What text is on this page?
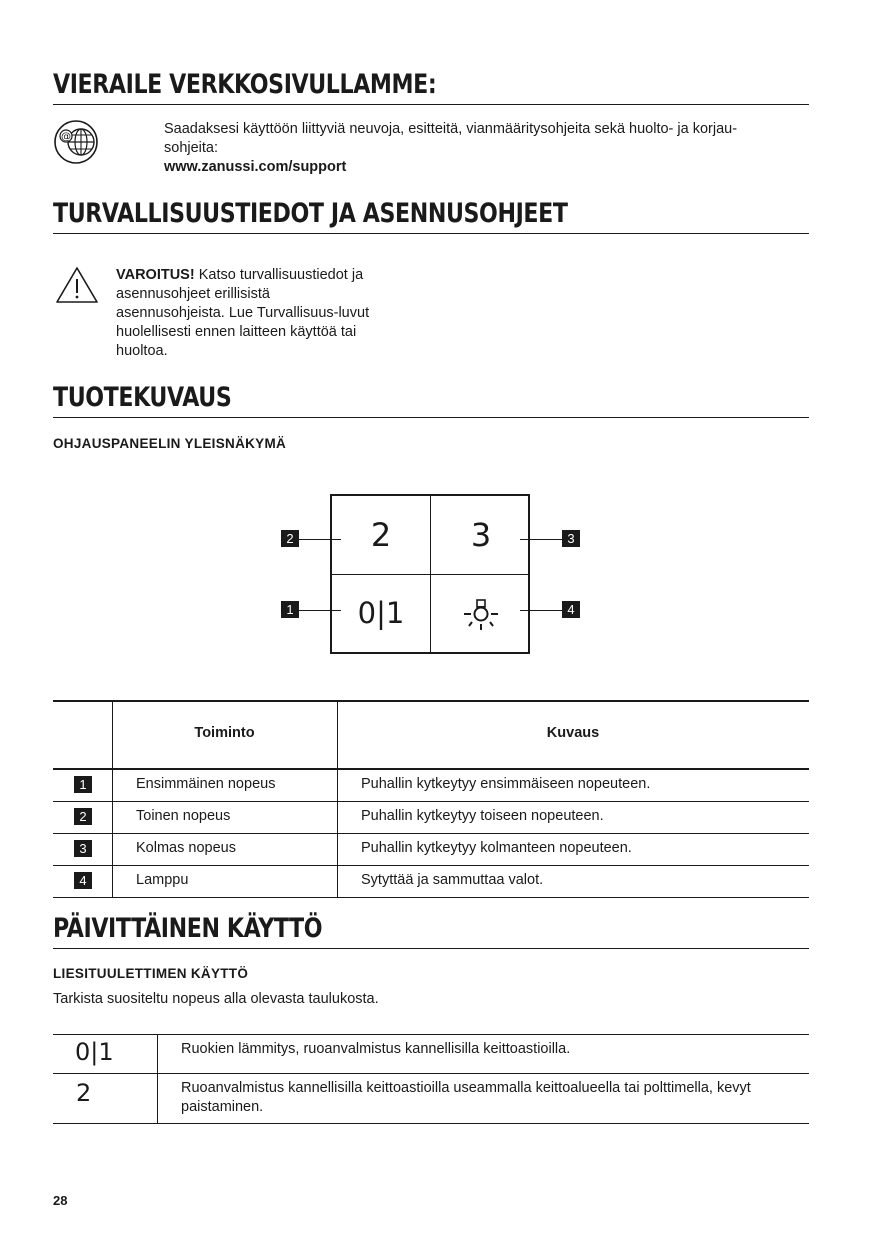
VIERAILE VERKKOSIVULLAMME:
@	Saadaksesi käyttöön liittyviä neuvoja, esitteitä, vianmääritysohjeita sekä huolto- ja korjau-
sohjeita:
www.zanussi.com/support
TURVALLISUUSTIEDOT JA ASENNUSOHJEET
VAROITUS! Katso turvallisuustiedot ja
asennusohjeet erillisistä
asennusohjeista. Lue Turvallisuus-luvut
huolellisesti ennen laitteen käyttöä tai
huoltoa.
TUOTEKUVAUS
OHJAUSPANEELIN YLEISNÄKYMÄ
2	3
0|1
2	3
1	4
Toiminto	Kuvaus
1	Ensimmäinen nopeus	Puhallin kytkeytyy ensimmäiseen nopeuteen.
2	Toinen nopeus	Puhallin kytkeytyy toiseen nopeuteen.
3	Kolmas nopeus	Puhallin kytkeytyy kolmanteen nopeuteen.
4	Lamppu	Sytyttää ja sammuttaa valot.
PÄIVITTÄINEN KÄYTTÖ
LIESITUULETTIMEN KÄYTTÖ
Tarkista suositeltu nopeus alla olevasta taulukosta.
0|1	Ruokien lämmitys, ruoanvalmistus kannellisilla keittoastioilla.
2	Ruoanvalmistus kannellisilla keittoastioilla useammalla keittoalueella tai polttimella, kevyt
paistaminen.
28
